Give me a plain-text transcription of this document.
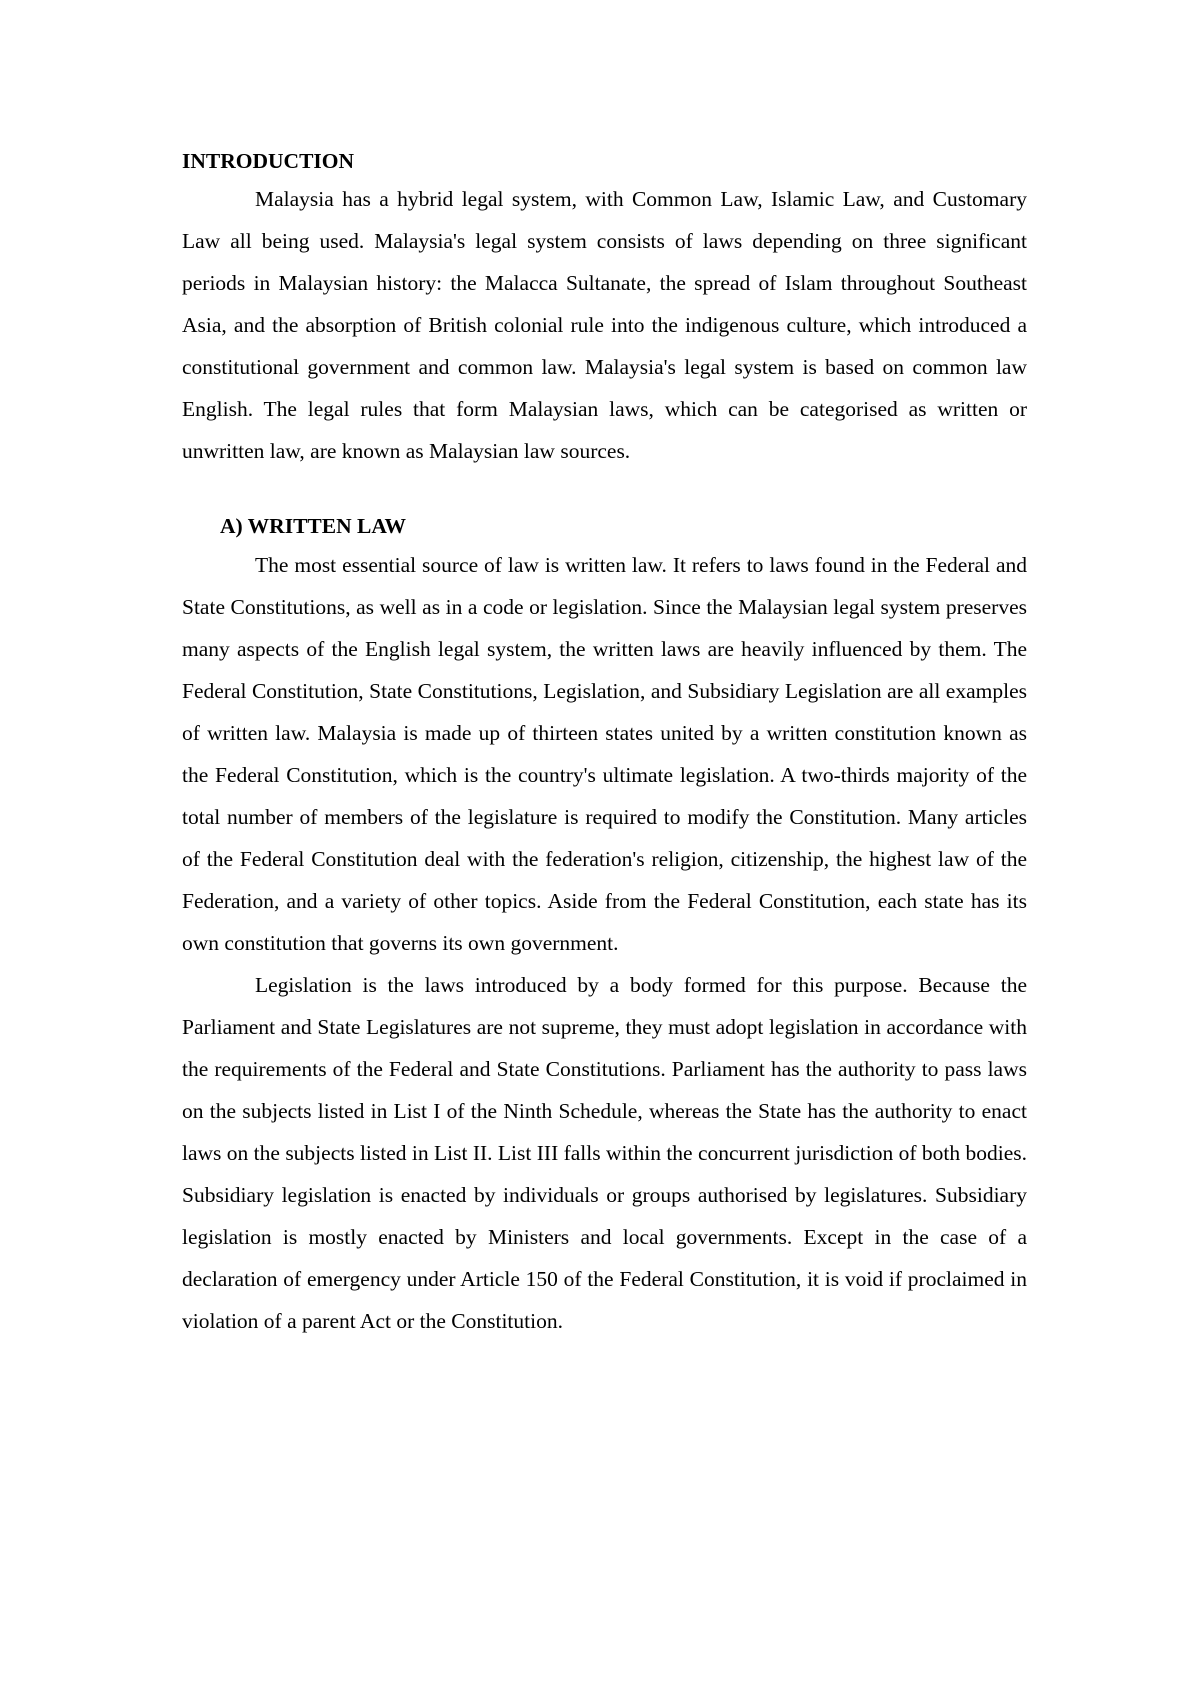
INTRODUCTION

Malaysia has a hybrid legal system, with Common Law, Islamic Law, and Customary Law all being used. Malaysia's legal system consists of laws depending on three significant periods in Malaysian history: the Malacca Sultanate, the spread of Islam throughout Southeast Asia, and the absorption of British colonial rule into the indigenous culture, which introduced a constitutional government and common law. Malaysia's legal system is based on common law English. The legal rules that form Malaysian laws, which can be categorised as written or unwritten law, are known as Malaysian law sources.

A) WRITTEN LAW

The most essential source of law is written law. It refers to laws found in the Federal and State Constitutions, as well as in a code or legislation. Since the Malaysian legal system preserves many aspects of the English legal system, the written laws are heavily influenced by them. The Federal Constitution, State Constitutions, Legislation, and Subsidiary Legislation are all examples of written law. Malaysia is made up of thirteen states united by a written constitution known as the Federal Constitution, which is the country's ultimate legislation. A two-thirds majority of the total number of members of the legislature is required to modify the Constitution. Many articles of the Federal Constitution deal with the federation's religion, citizenship, the highest law of the Federation, and a variety of other topics. Aside from the Federal Constitution, each state has its own constitution that governs its own government.

Legislation is the laws introduced by a body formed for this purpose. Because the Parliament and State Legislatures are not supreme, they must adopt legislation in accordance with the requirements of the Federal and State Constitutions. Parliament has the authority to pass laws on the subjects listed in List I of the Ninth Schedule, whereas the State has the authority to enact laws on the subjects listed in List II. List III falls within the concurrent jurisdiction of both bodies. Subsidiary legislation is enacted by individuals or groups authorised by legislatures. Subsidiary legislation is mostly enacted by Ministers and local governments. Except in the case of a declaration of emergency under Article 150 of the Federal Constitution, it is void if proclaimed in violation of a parent Act or the Constitution.
